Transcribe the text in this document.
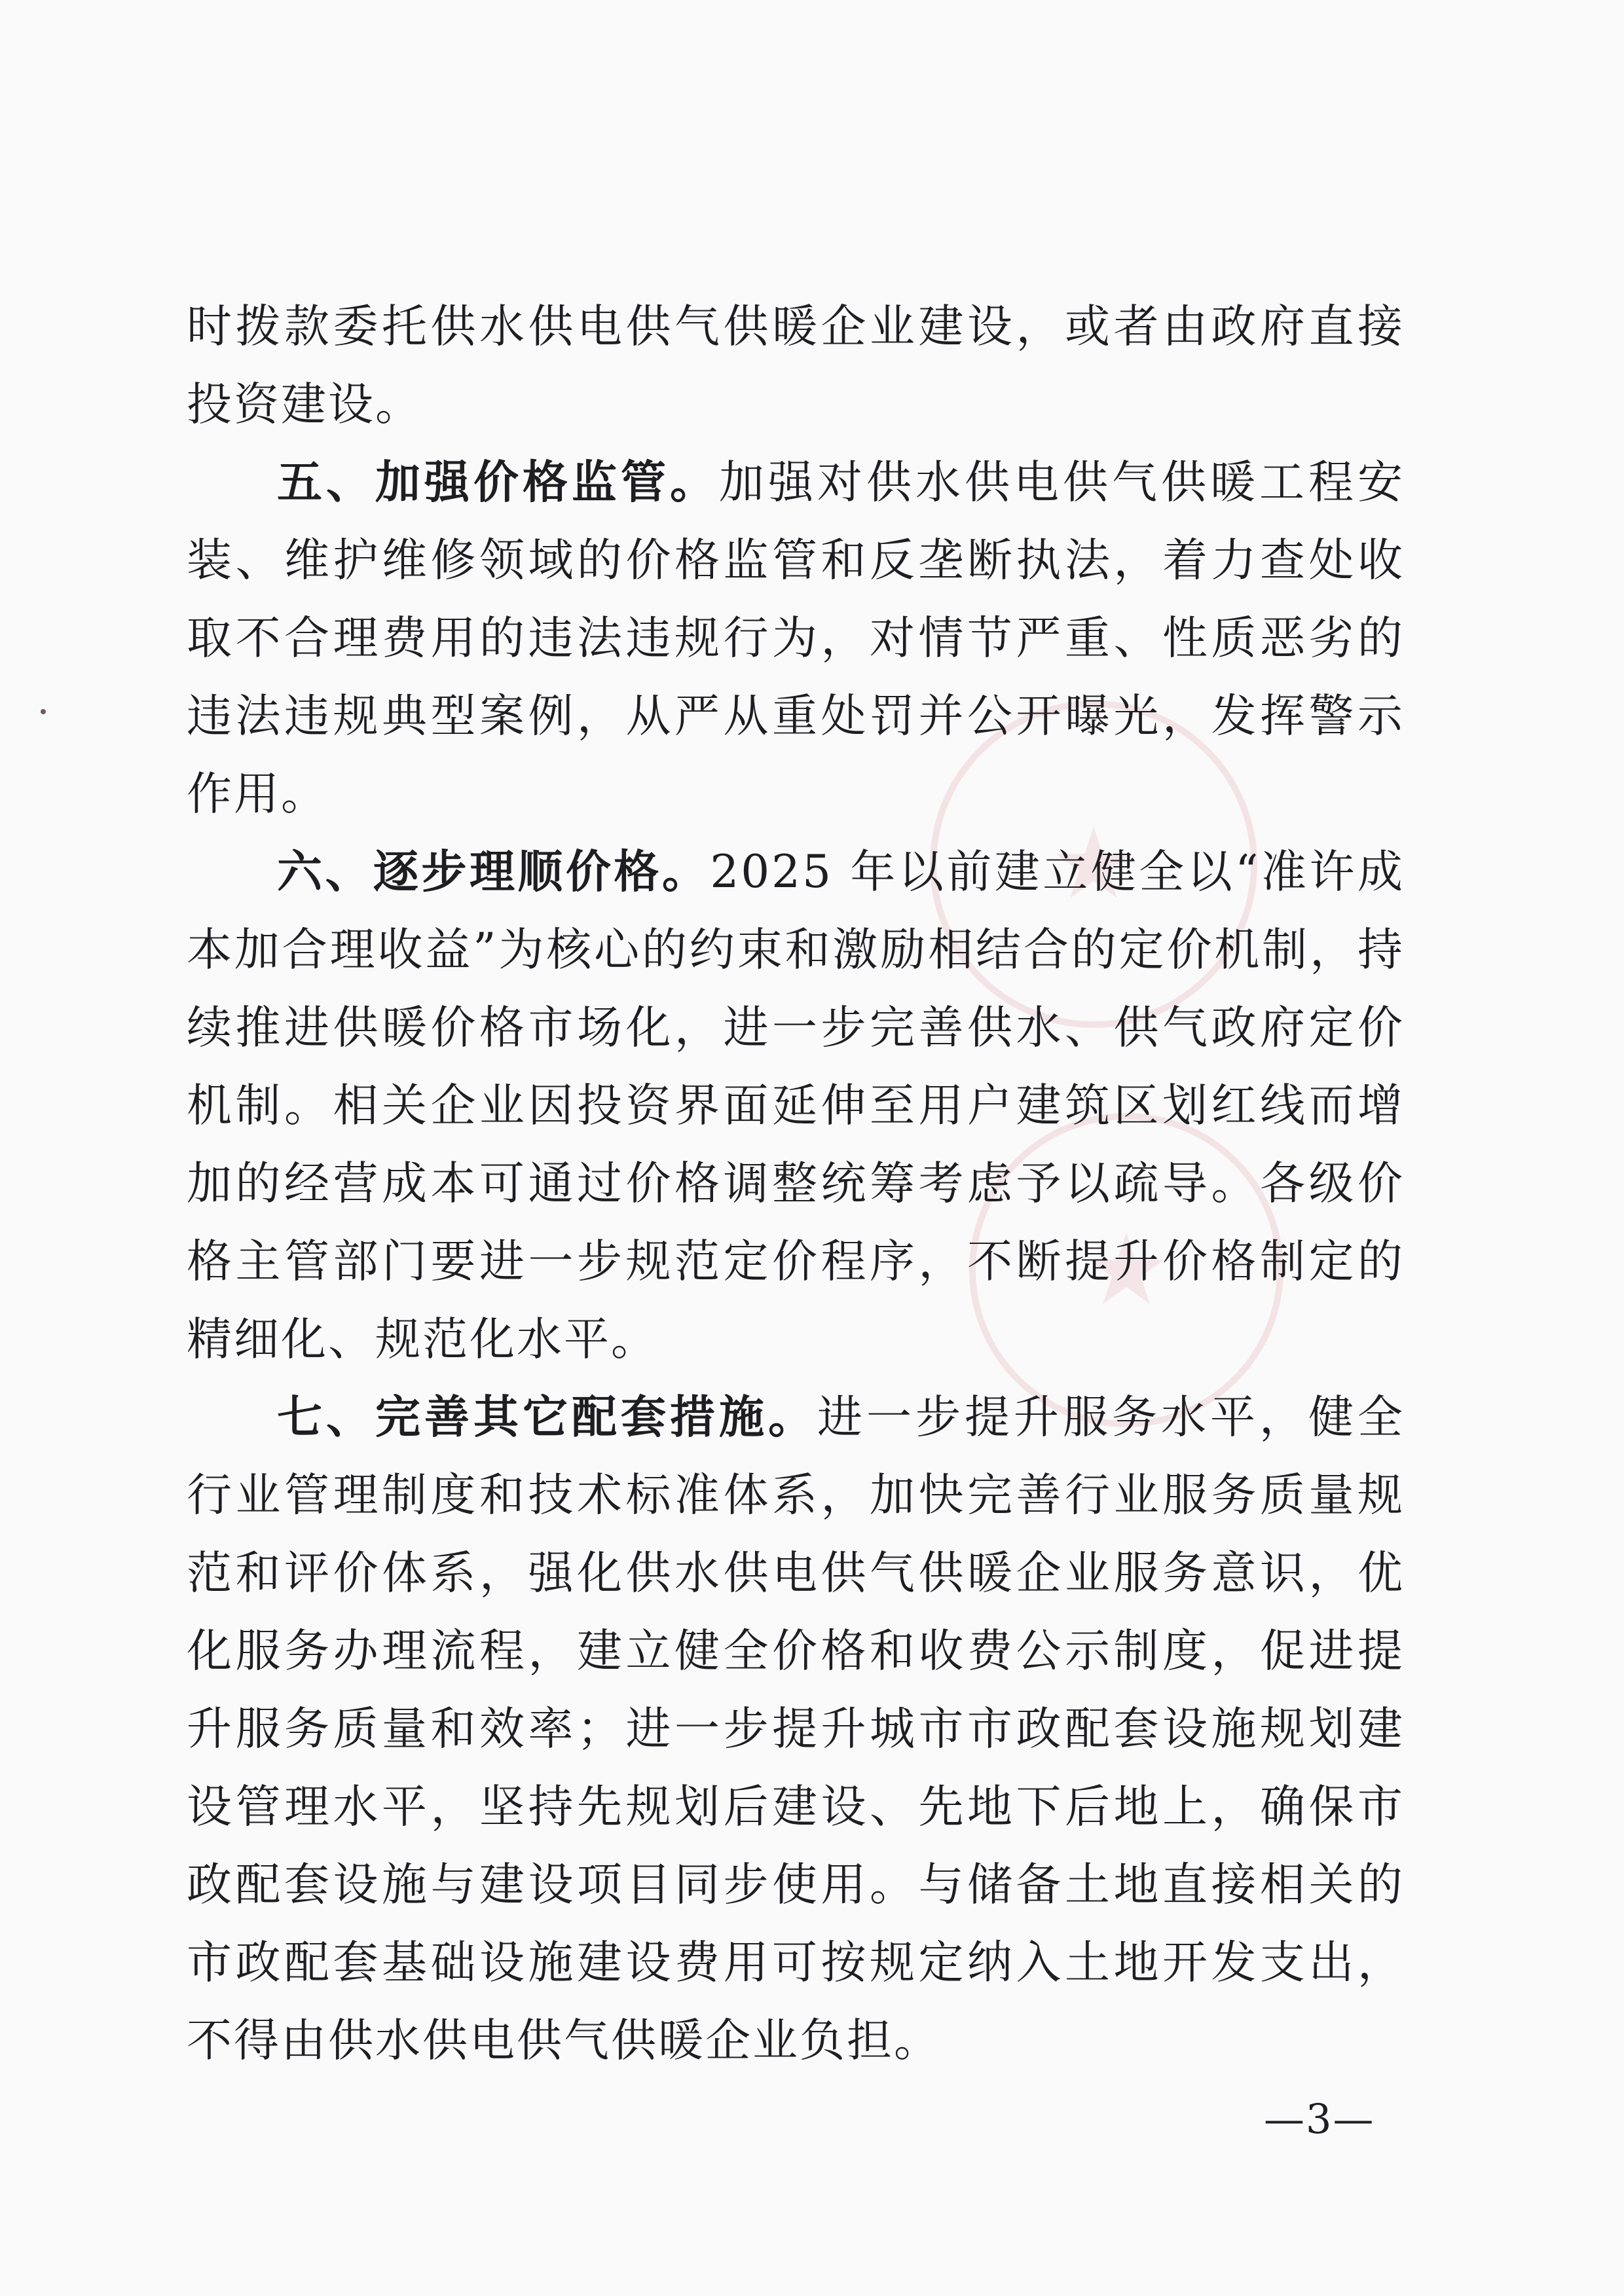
★
★

时拨款委托供水供电供气供暖企业建设，或者由政府直接投资建设。

五、加强价格监管。加强对供水供电供气供暖工程安装、维护维修领域的价格监管和反垄断执法，着力查处收取不合理费用的违法违规行为，对情节严重、性质恶劣的违法违规典型案例，从严从重处罚并公开曝光，发挥警示作用。

六、逐步理顺价格。2025 年以前建立健全以“准许成本加合理收益”为核心的约束和激励相结合的定价机制，持续推进供暖价格市场化，进一步完善供水、供气政府定价机制。相关企业因投资界面延伸至用户建筑区划红线而增加的经营成本可通过价格调整统筹考虑予以疏导。各级价格主管部门要进一步规范定价程序，不断提升价格制定的精细化、规范化水平。

七、完善其它配套措施。进一步提升服务水平，健全行业管理制度和技术标准体系，加快完善行业服务质量规范和评价体系，强化供水供电供气供暖企业服务意识，优化服务办理流程，建立健全价格和收费公示制度，促进提升服务质量和效率；进一步提升城市市政配套设施规划建设管理水平，坚持先规划后建设、先地下后地上，确保市政配套设施与建设项目同步使用。与储备土地直接相关的市政配套基础设施建设费用可按规定纳入土地开发支出，不得由供水供电供气供暖企业负担。

—3—
